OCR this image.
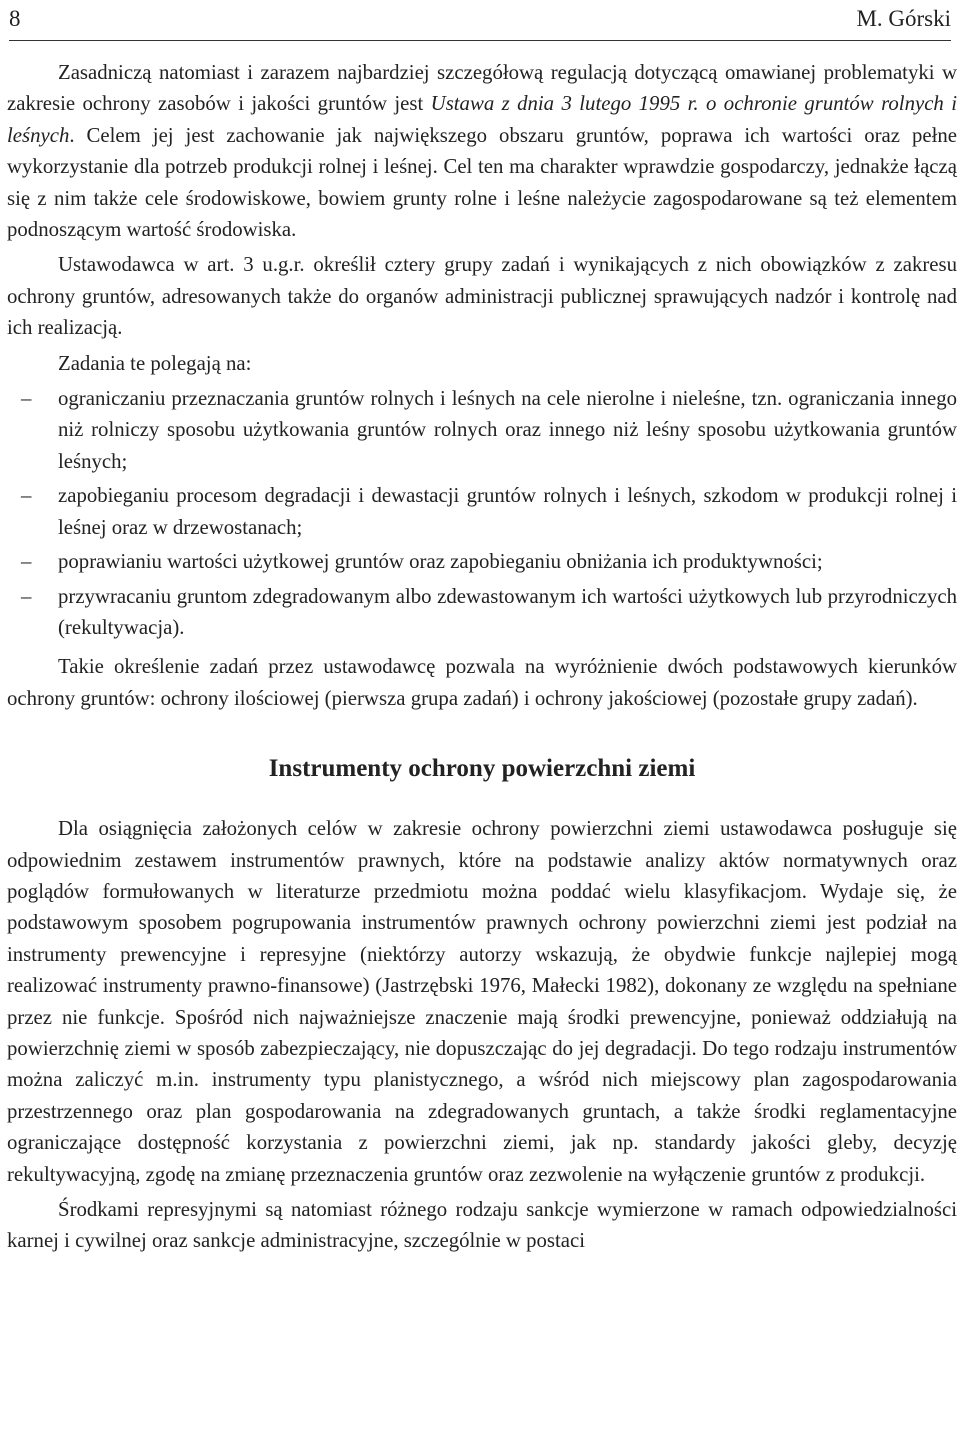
8	M. Górski

Zasadniczą natomiast i zarazem najbardziej szczegółową regulacją dotyczącą omawianej problematyki w zakresie ochrony zasobów i jakości gruntów jest Ustawa z dnia 3 lutego 1995 r. o ochronie gruntów rolnych i leśnych. Celem jej jest zachowanie jak największego obszaru gruntów, poprawa ich wartości oraz pełne wykorzystanie dla potrzeb produkcji rolnej i leśnej. Cel ten ma charakter wprawdzie gospodarczy, jednakże łączą się z nim także cele środowiskowe, bowiem grunty rolne i leśne należycie zagospodarowane są też elementem podnoszącym wartość środowiska.

Ustawodawca w art. 3 u.g.r. określił cztery grupy zadań i wynikających z nich obowiązków z zakresu ochrony gruntów, adresowanych także do organów administracji publicznej sprawujących nadzór i kontrolę nad ich realizacją.

Zadania te polegają na:

– ograniczaniu przeznaczania gruntów rolnych i leśnych na cele nierolne i nieleśne, tzn. ograniczania innego niż rolniczy sposobu użytkowania gruntów rolnych oraz innego niż leśny sposobu użytkowania gruntów leśnych;
– zapobieganiu procesom degradacji i dewastacji gruntów rolnych i leśnych, szkodom w produkcji rolnej i leśnej oraz w drzewostanach;
– poprawianiu wartości użytkowej gruntów oraz zapobieganiu obniżania ich produktywności;
– przywracaniu gruntom zdegradowanym albo zdewastowanym ich wartości użytkowych lub przyrodniczych (rekultywacja).

Takie określenie zadań przez ustawodawcę pozwala na wyróżnienie dwóch podstawowych kierunków ochrony gruntów: ochrony ilościowej (pierwsza grupa zadań) i ochrony jakościowej (pozostałe grupy zadań).

Instrumenty ochrony powierzchni ziemi

Dla osiągnięcia założonych celów w zakresie ochrony powierzchni ziemi ustawodawca posługuje się odpowiednim zestawem instrumentów prawnych, które na podstawie analizy aktów normatywnych oraz poglądów formułowanych w literaturze przedmiotu można poddać wielu klasyfikacjom. Wydaje się, że podstawowym sposobem pogrupowania instrumentów prawnych ochrony powierzchni ziemi jest podział na instrumenty prewencyjne i represyjne (niektórzy autorzy wskazują, że obydwie funkcje najlepiej mogą realizować instrumenty prawno-finansowe) (Jastrzębski 1976, Małecki 1982), dokonany ze względu na spełniane przez nie funkcje. Spośród nich najważniejsze znaczenie mają środki prewencyjne, ponieważ oddziałują na powierzchnię ziemi w sposób zabezpieczający, nie dopuszczając do jej degradacji. Do tego rodzaju instrumentów można zaliczyć m.in. instrumenty typu planistycznego, a wśród nich miejscowy plan zagospodarowania przestrzennego oraz plan gospodarowania na zdegradowanych gruntach, a także środki reglamentacyjne ograniczające dostępność korzystania z powierzchni ziemi, jak np. standardy jakości gleby, decyzję rekultywacyjną, zgodę na zmianę przeznaczenia gruntów oraz zezwolenie na wyłączenie gruntów z produkcji.

Środkami represyjnymi są natomiast różnego rodzaju sankcje wymierzone w ramach odpowiedzialności karnej i cywilnej oraz sankcje administracyjne, szczególnie w postaci
